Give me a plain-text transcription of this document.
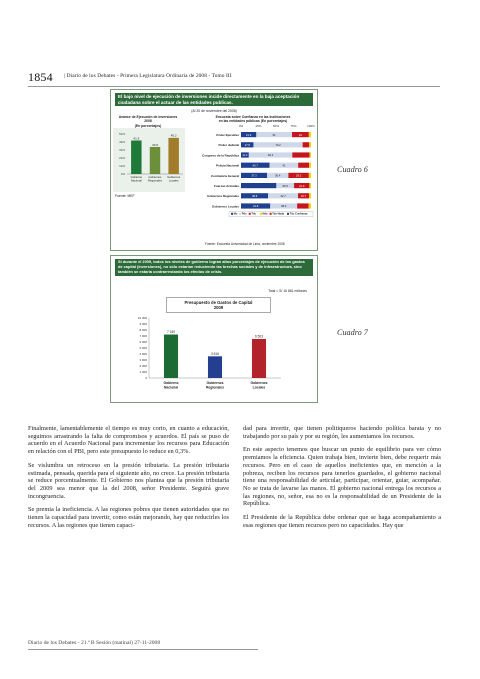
1854 | Diario de los Debates - Primera Legislatura Ordinaria de 2008 - Tomo III
El bajo nivel de ejecución de inversiones incide directamente en la baja aceptación ciudadana sobre el actuar de las entidades publicas.
(Al 20 de noviembre del 2008)
Avance de Ejecución de Inversiones
2008
(En porcentajes)
50.0
40.0
30.0
20.0
10.0
0.0
41.9
Gobierno
Nacional
33.8
Gobiernos
Regionales
45.2
Gobiernos
Locales
Fuente: MEF
Encuesta sobre Confianza en las Instituciones
en las entidades públicas (En porcentajes)
0%	25%	50%	75%	100%
Poder Ejecutivo	21.9	51	24
Poder Judicial 17.8	70.2
Congreso de la República 11.2	62.1
Policía Nacional	40.7	41
Contraloría General	37.3	30.4	29.2
Fuerzas Armadas	50.5	21.9
Gobiernos Regionales	38.8	42.7	15.7
Gobiernos Locales	41.8	38.4
Mu Pdo Ttlo Nda Tdo Nada Tdo Confianza
Fuente: Encuesta Universidad de Lima, noviembre 2008
Cuadro 6
Si durante el 2009, todos los niveles de gobierno logran altos porcentajes de ejecución de los gastos de capital (inversiones), no sólo estarían reduciendo las brechas sociales y de infraestructura, sino también se estaría contrarrestando los efectos de crisis.
Total = S/ 16 861 millones
Presupuesto de Gastos de Capital
2009
10 000
9 000
8 000
7 000
6 000
5 000
4 000
3 000
2 000
1 000
0
7 249
Gobierno
Nacional
3 616
Gobiernos
Regionales
6 503
Gobiernos
Locales
Cuadro 7

Finalmente, lamentablemente el tiempo es muy corto, en cuanto a educación, seguimos arrastrando la falta de compromisos y acuerdos. El país se puso de acuerdo en el Acuerdo Nacional para incrementar los recursos para Educación en relación con el PBI, pero este presupuesto lo reduce en 0,3%.

Se vislumbra un retroceso en la presión tributaria. La presión tributaria estimada, pensada, querida para el siguiente año, no crece. La presión tributaria se reduce porcentualmente. El Gobierno nos plantea que la presión tributaria del 2009 sea menor que la del 2008, señor Presidente. Seguirá grave incongruencia.

Se premia la ineficiencia. A las regiones pobres que tienen autoridades que no tienen la capacidad para invertir, como están mejorando, hay que reducirles los recursos. A las regiones que tienen capaci-

dad para invertir, que tienen politiqueros haciendo política barata y no trabajando por su país y por su región, les aumentamos los recursos.

En este aspecto tenemos que buscar un punto de equilibrio para ver cómo premiamos la eficiencia. Quien trabaja bien, invierte bien, debe requerir más recursos. Pero en el caso de aquellos ineficientes que, en mención a la pobreza, reciben los recursos para tenerlos guardados, el gobierno nacional tiene una responsabilidad de articular, participar, orientar, guiar, acompañar. No se trata de lavarse las manos. El gobierno nacional entrega los recursos a las regiones, no, señor, esa no es la responsabilidad de un Presidente de la República.

El Presidente de la República debe ordenar que se haga acompañamiento a esas regiones que tienen recursos pero no capacidades. Hay que

Diario de los Debates - 21.ª B Sesión (matinal) 27-11-2008
